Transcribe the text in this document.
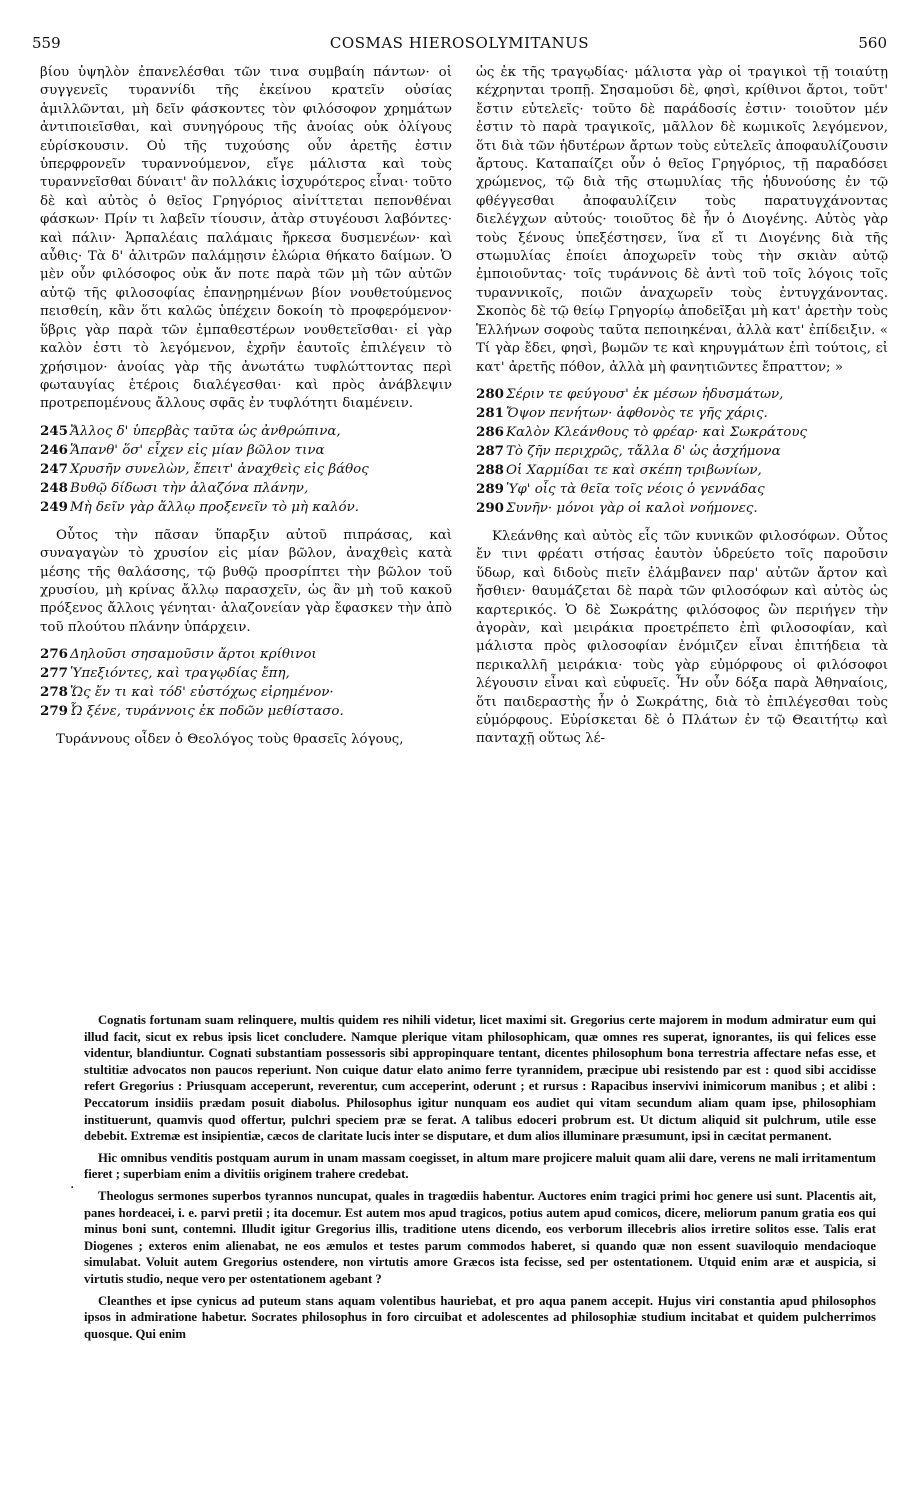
559	COSMAS HIEROSOLYMITANUS	560

βίου ὑψηλὸν ἐπανελέσθαι τῶν τινα συμβαίη πάντων· οἱ συγγενεῖς τυραννίδι τῆς ἐκείνου κρατεῖν οὐσίας ἁμιλλῶνται, μὴ δεῖν φάσκοντες τὸν φιλόσοφον χρημάτων ἀντιποιεῖσθαι, καὶ συνηγόρους τῆς ἀνοίας οὐκ ὀλίγους εὑρίσκουσιν. Οὐ τῆς τυχούσης οὖν ἀρετῆς ἐστιν ὑπερφρονεῖν τυραννούμενον, εἴγε μάλιστα καὶ τοὺς τυραννεῖσθαι δύναιτ' ἂν πολλάκις ἰσχυρότερος εἶναι· τοῦτο δὲ καὶ αὐτὸς ὁ θεῖος Γρηγόριος αἰνίττεται πεπονθέναι φάσκων· Πρίν τι λαβεῖν τίουσιν, ἀτὰρ στυγέουσι λαβόντες· καὶ πάλιν· Ἁρπαλέαις παλάμαις ἤρκεσα δυσμενέων· καὶ αὖθις· Τὰ δ' ἀλιτρῶν παλάμῃσιν ἑλώρια θήκατο δαίμων. Ὁ μὲν οὖν φιλόσοφος οὐκ ἄν ποτε παρὰ τῶν μὴ τῶν αὐτῶν αὐτῷ τῆς φιλοσοφίας ἐπανῃρημένων βίον νουθετούμενος πεισθείη, κἂν ὅτι καλῶς ὑπέχειν δοκοίη τὸ προφερόμενον· ὕβρις γὰρ παρὰ τῶν ἐμπαθεστέρων νουθετεῖσθαι· εἰ γὰρ καλὸν ἐστι τὸ λεγόμενον, ἐχρῆν ἑαυτοῖς ἐπιλέγειν τὸ χρήσιμον· ἀνοίας γὰρ τῆς ἀνωτάτω τυφλώττοντας περὶ φωταυγίας ἑτέροις διαλέγεσθαι· καὶ πρὸς ἀνάβλεψιν προτρεπομένους ἄλλους σφᾶς ἐν τυφλότητι διαμένειν.

245 Ἄλλος δ' ὑπερβὰς ταῦτα ὡς ἀνθρώπινα,
246 Ἅπανθ' ὅσ' εἶχεν εἰς μίαν βῶλον τινα
247 Χρυσῆν συνελὼν, ἔπειτ' ἀναχθεὶς εἰς βάθος
248 Βυθῷ δίδωσι τὴν ἀλαζόνα πλάνην,
249 Μὴ δεῖν γὰρ ἄλλῳ προξενεῖν τὸ μὴ καλόν.

Οὗτος τὴν πᾶσαν ὕπαρξιν αὐτοῦ πιπράσας, καὶ συναγαγὼν τὸ χρυσίον εἰς μίαν βῶλον, ἀναχθεὶς κατὰ μέσης τῆς θαλάσσης, τῷ βυθῷ προσρίπτει τὴν βῶλον τοῦ χρυσίου, μὴ κρίνας ἄλλῳ παρασχεῖν, ὡς ἂν μὴ τοῦ κακοῦ πρόξενος ἄλλοις γένηται· ἀλαζονείαν γὰρ ἔφασκεν τὴν ἀπὸ τοῦ πλούτου πλάνην ὑπάρχειν.

276 Δηλοῦσι σησαμοῦσιν ἄρτοι κρίθινοι
277 Ὑπεξιόντες, καὶ τραγῳδίας ἔπη,
278 Ὥς ἔν τι καὶ τόδ' εὐστόχως εἰρημένον·
279 Ὦ ξένε, τυράννοις ἐκ ποδῶν μεθίστασο.

Τυράννους οἶδεν ὁ Θεολόγος τοὺς θρασεῖς λόγους,

ὡς ἐκ τῆς τραγῳδίας· μάλιστα γὰρ οἱ τραγικοὶ τῇ τοιαύτῃ κέχρηνται τροπῇ. Σησαμοῦσι δὲ, φησὶ, κρίθινοι ἄρτοι, τοῦτ' ἔστιν εὐτελεῖς· τοῦτο δὲ παράδοσίς ἐστιν· τοιοῦτον μέν ἐστιν τὸ παρὰ τραγικοῖς, μᾶλλον δὲ κωμικοῖς λεγόμενον, ὅτι διὰ τῶν ἡδυτέρων ἄρτων τοὺς εὐτελεῖς ἀποφαυλίζουσιν ἄρτους. Καταπαίζει οὖν ὁ θεῖος Γρηγόριος, τῇ παραδόσει χρώμενος, τῷ διὰ τῆς στωμυλίας τῆς ἡδυνούσης ἐν τῷ φθέγγεσθαι ἀποφαυλίζειν τοὺς παρατυγχάνοντας διελέγχων αὐτούς· τοιοῦτος δὲ ἦν ὁ Διογένης. Αὐτὸς γὰρ τοὺς ξένους ὑπεξέστησεν, ἵνα εἴ τι Διογένης διὰ τῆς στωμυλίας ἐποίει ἀποχωρεῖν τοὺς τὴν σκιὰν αὐτῷ ἐμποιοῦντας· τοῖς τυράννοις δὲ ἀντὶ τοῦ τοῖς λόγοις τοῖς τυραννικοῖς, ποιῶν ἀναχωρεῖν τοὺς ἐντυγχάνοντας. Σκοπὸς δὲ τῷ θείῳ Γρηγορίῳ ἀποδεῖξαι μὴ κατ' ἀρετὴν τοὺς Ἑλλήνων σοφοὺς ταῦτα πεποιηκέναι, ἀλλὰ κατ' ἐπίδειξιν. « Τί γὰρ ἔδει, φησὶ, βωμῶν τε καὶ κηρυγμάτων ἐπὶ τούτοις, εἰ κατ' ἀρετῆς πόθον, ἀλλὰ μὴ φανητιῶντες ἔπραττον; »

280 Σέριν τε φεύγουσ' ἐκ μέσων ἡδυσμάτων,
281 Ὄψον πενήτων· ἀφθονὸς τε γῆς χάρις.
286 Καλὸν Κλεάνθους τὸ φρέαρ· καὶ Σωκράτους
287 Τὸ ζῆν περιχρῶς, τἄλλα δ' ὡς ἀσχήμονα
288 Οἱ Χαρμίδαι τε καὶ σκέπη τριβωνίων,
289 Ὑφ' οἷς τὰ θεῖα τοῖς νέοις ὁ γεννάδας
290 Συνῆν· μόνοι γὰρ οἱ καλοὶ νοήμονες.

Κλεάνθης καὶ αὐτὸς εἷς τῶν κυνικῶν φιλοσόφων. Οὗτος ἔν τινι φρέατι στήσας ἑαυτὸν ὑδρεύετο τοῖς παροῦσιν ὕδωρ, καὶ διδοὺς πιεῖν ἐλάμβανεν παρ' αὐτῶν ἄρτον καὶ ἤσθιεν· θαυμάζεται δὲ παρὰ τῶν φιλοσόφων καὶ αὐτὸς ὡς καρτερικός. Ὁ δὲ Σωκράτης φιλόσοφος ὢν περιήγεν τὴν ἀγορὰν, καὶ μειράκια προετρέπετο ἐπὶ φιλοσοφίαν, καὶ μάλιστα πρὸς φιλοσοφίαν ἐνόμιζεν εἶναι ἐπιτήδεια τὰ περικαλλῆ μειράκια· τοὺς γὰρ εὐμόρφους οἱ φιλόσοφοι λέγουσιν εἶναι καὶ εὐφυεῖς. Ἦν οὖν δόξα παρὰ Ἀθηναίοις, ὅτι παιδεραστὴς ἦν ὁ Σωκράτης, διὰ τὸ ἐπιλέγεσθαι τοὺς εὐμόρφους. Εὑρίσκεται δὲ ὁ Πλάτων ἐν τῷ Θεαιτήτῳ καὶ πανταχῇ οὕτως λέ-

·

Cognatis fortunam suam relinquere, multis quidem res nihili videtur, licet maximi sit. Gregorius certe majorem in modum admiratur eum qui illud facit, sicut ex rebus ipsis licet concludere. Namque plerique vitam philosophicam, quæ omnes res superat, ignorantes, iis qui felices esse videntur, blandiuntur. Cognati substantiam possessoris sibi appropinquare tentant, dicentes philosophum bona terrestria affectare nefas esse, et stultitiæ advocatos non paucos reperiunt. Non cuique datur elato animo ferre tyrannidem, præcipue ubi resistendo par est : quod sibi accidisse refert Gregorius : Priusquam acceperunt, reverentur, cum acceperint, oderunt ; et rursus : Rapacibus inservivi inimicorum manibus ; et alibi : Peccatorum insidiis prædam posuit diabolus. Philosophus igitur nunquam eos audiet qui vitam secundum aliam quam ipse, philosophiam instituerunt, quamvis quod offertur, pulchri speciem præ se ferat. A talibus edoceri probrum est. Ut dictum aliquid sit pulchrum, utile esse debebit. Extremæ est insipientiæ, cæcos de claritate lucis inter se disputare, et dum alios illuminare præsumunt, ipsi in cæcitat permanent.

Hic omnibus venditis postquam aurum in unam massam coegisset, in altum mare projicere maluit quam alii dare, verens ne mali irritamentum fieret ; superbiam enim a divitiis originem trahere credebat.

Theologus sermones superbos tyrannos nuncupat, quales in tragœdiis habentur. Auctores enim tragici primi hoc genere usi sunt. Placentis ait, panes hordeacei, i. e. parvi pretii ; ita docemur. Est autem mos apud tragicos, potius autem apud comicos, dicere, meliorum panum gratia eos qui minus boni sunt, contemni. Illudit igitur Gregorius illis, traditione utens dicendo, eos verborum illecebris alios irretire solitos esse. Talis erat Diogenes ; exteros enim alienabat, ne eos æmulos et testes parum commodos haberet, si quando quæ non essent suaviloquio mendacioque simulabat. Voluit autem Gregorius ostendere, non virtutis amore Græcos ista fecisse, sed per ostentationem. Utquid enim aræ et auspicia, si virtutis studio, neque vero per ostentationem agebant ?

Cleanthes et ipse cynicus ad puteum stans aquam volentibus hauriebat, et pro aqua panem accepit. Hujus viri constantia apud philosophos ipsos in admiratione habetur. Socrates philosophus in foro circuibat et adolescentes ad philosophiæ studium incitabat et quidem pulcherrimos quosque. Qui enim
